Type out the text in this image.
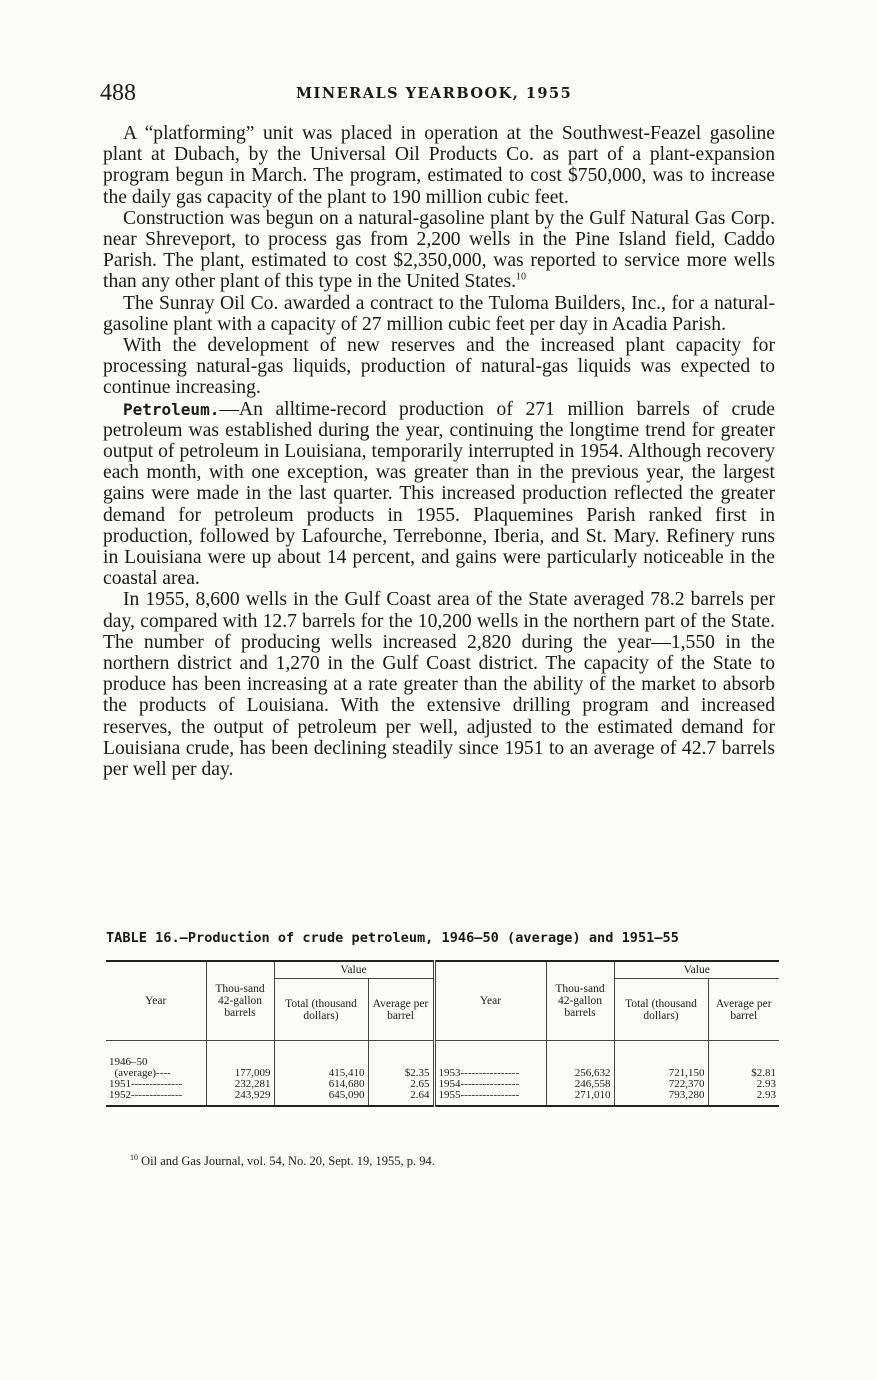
488	MINERALS YEARBOOK, 1955

A “platforming” unit was placed in operation at the Southwest-Feazel gasoline plant at Dubach, by the Universal Oil Products Co. as part of a plant-expansion program begun in March. The program, estimated to cost $750,000, was to increase the daily gas capacity of the plant to 190 million cubic feet.

Construction was begun on a natural-gasoline plant by the Gulf Natural Gas Corp. near Shreveport, to process gas from 2,200 wells in the Pine Island field, Caddo Parish. The plant, estimated to cost $2,350,000, was reported to service more wells than any other plant of this type in the United States.$^{10}$

The Sunray Oil Co. awarded a contract to the Tuloma Builders, Inc., for a natural-gasoline plant with a capacity of 27 million cubic feet per day in Acadia Parish.

With the development of new reserves and the increased plant capacity for processing natural-gas liquids, production of natural-gas liquids was expected to continue increasing.

Petroleum.—An alltime-record production of 271 million barrels of crude petroleum was established during the year, continuing the longtime trend for greater output of petroleum in Louisiana, temporarily interrupted in 1954. Although recovery each month, with one exception, was greater than in the previous year, the largest gains were made in the last quarter. This increased production reflected the greater demand for petroleum products in 1955. Plaquemines Parish ranked first in production, followed by Lafourche, Terrebonne, Iberia, and St. Mary. Refinery runs in Louisiana were up about 14 percent, and gains were particularly noticeable in the coastal area.

In 1955, 8,600 wells in the Gulf Coast area of the State averaged 78.2 barrels per day, compared with 12.7 barrels for the 10,200 wells in the northern part of the State. The number of producing wells increased 2,820 during the year—1,550 in the northern district and 1,270 in the Gulf Coast district. The capacity of the State to produce has been increasing at a rate greater than the ability of the market to absorb the products of Louisiana. With the extensive drilling program and increased reserves, the output of petroleum per well, adjusted to the estimated demand for Louisiana crude, has been declining steadily since 1951 to an average of 42.7 barrels per well per day.

TABLE 16.—Production of crude petroleum, 1946–50 (average) and 1951–55
Year	Thou-sand 42-gallon barrels	Value		Year	Thou-sand 42-gallon barrels	Value	
		Total (thousand dollars)	Average per barrel			Total (thousand dollars)	Average per barrel
1946–50
(average)----	177,009	415,410	$2.35	1953----------------	256,632	721,150	$2.81
1951--------------	232,281	614,680	2.65	1954----------------	246,558	722,370	2.93
1952--------------	243,929	645,090	2.64	1955----------------	271,010	793,280	2.93
$^{10}$ Oil and Gas Journal, vol. 54, No. 20, Sept. 19, 1955, p. 94.
